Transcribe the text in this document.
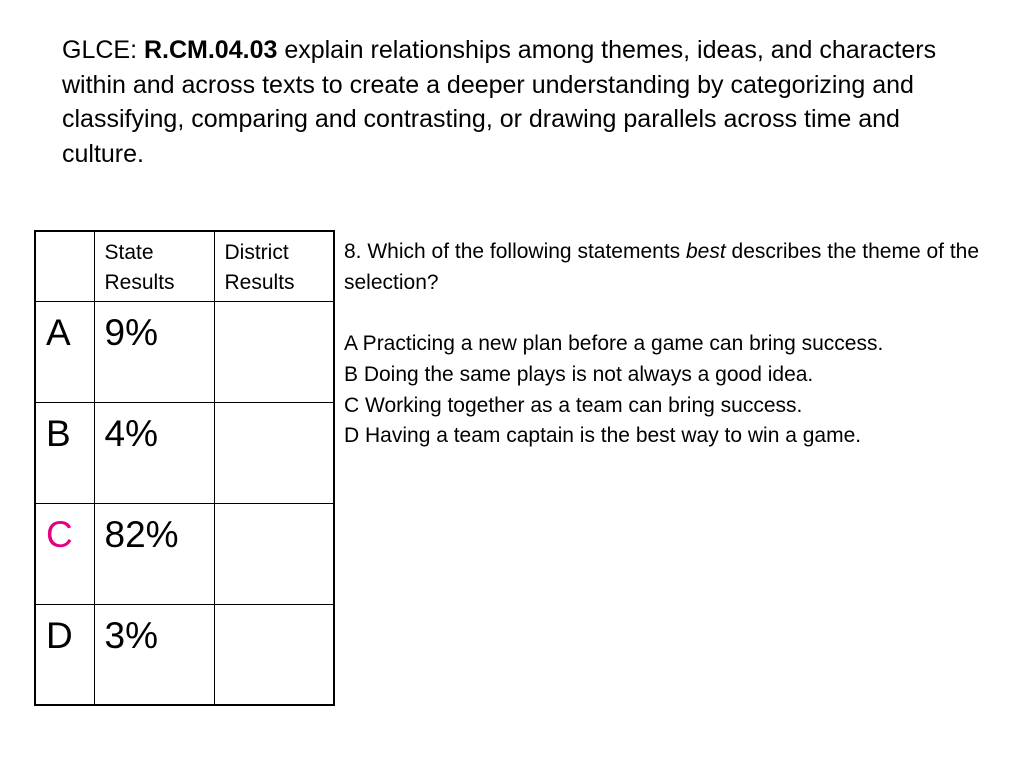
GLCE: R.CM.04.03 explain relationships among themes, ideas, and characters within and across texts to create a deeper understanding by categorizing and classifying, comparing and contrasting, or drawing parallels across time and culture.

	State Results	District Results
A	9%	
B	4%	
C	82%	
D	3%	

8. Which of the following statements best describes the theme of the selection?

A Practicing a new plan before a game can bring success.

B Doing the same plays is not always a good idea.

C Working together as a team can bring success.

D Having a team captain is the best way to win a game.
